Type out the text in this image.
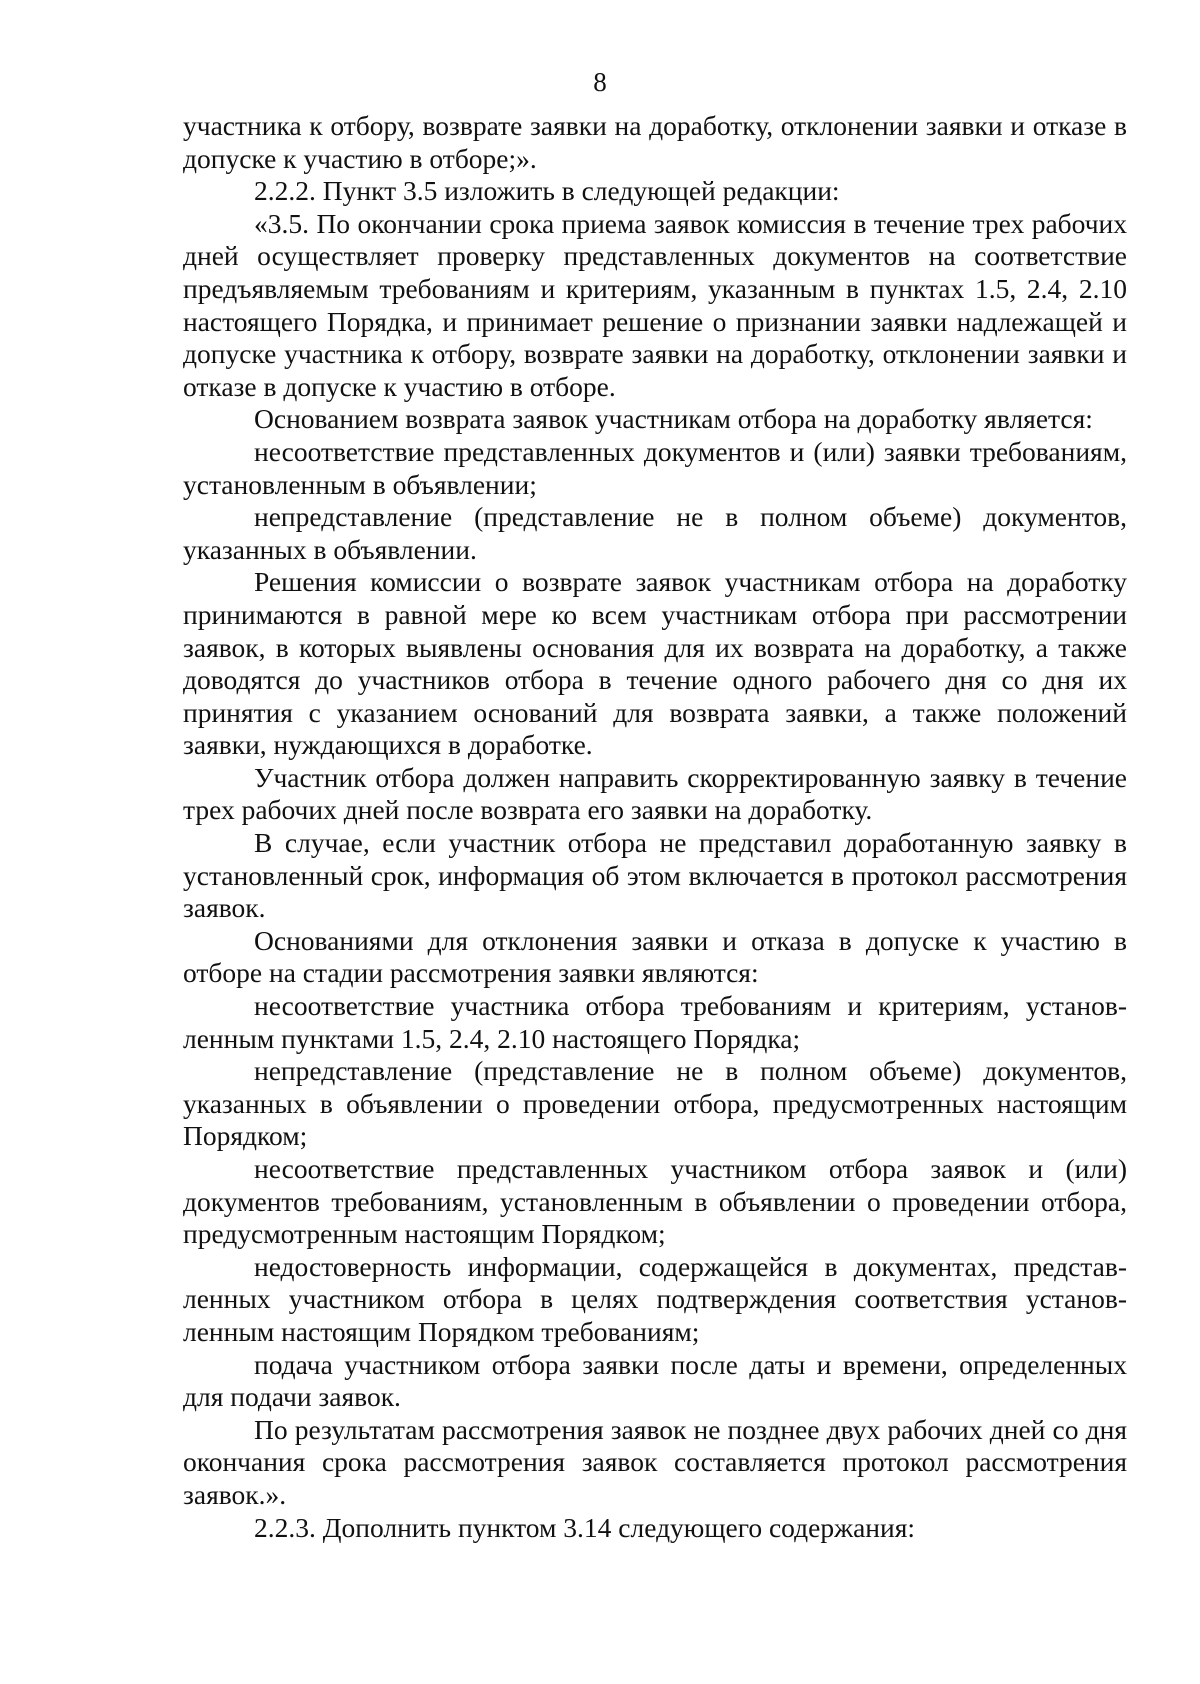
8

участника к отбору, возврате заявки на доработку, отклонении заявки и отказе в допуске к участию в отборе;».

2.2.2. Пункт 3.5 изложить в следующей редакции:

«3.5. По окончании срока приема заявок комиссия в течение трех рабочих дней осуществляет проверку представленных документов на соответствие предъявляемым требованиям и критериям, указанным в пунктах 1.5, 2.4, 2.10 настоящего Порядка, и принимает решение о признании заявки надлежащей и допуске участника к отбору, возврате заявки на доработку, отклонении заявки и отказе в допуске к участию в отборе.

Основанием возврата заявок участникам отбора на доработку является:

несоответствие представленных документов и (или) заявки требованиям, установленным в объявлении;

непредставление (представление не в полном объеме) документов, указанных в объявлении.

Решения комиссии о возврате заявок участникам отбора на доработку принимаются в равной мере ко всем участникам отбора при рассмотрении заявок, в которых выявлены основания для их возврата на доработку, а также доводятся до участников отбора в течение одного рабочего дня со дня их принятия с указанием оснований для возврата заявки, а также положений заявки, нуждающихся в доработке.

Участник отбора должен направить скорректированную заявку в течение трех рабочих дней после возврата его заявки на доработку.

В случае, если участник отбора не представил доработанную заявку в установленный срок, информация об этом включается в протокол рассмотрения заявок.

Основаниями для отклонения заявки и отказа в допуске к участию в отборе на стадии рассмотрения заявки являются:

несоответствие участника отбора требованиям и критериям, установленным пунктами 1.5, 2.4, 2.10 настоящего Порядка;

непредставление (представление не в полном объеме) документов, указанных в объявлении о проведении отбора, предусмотренных настоящим Порядком;

несоответствие представленных участником отбора заявок и (или) документов требованиям, установленным в объявлении о проведении отбора, предусмотренным настоящим Порядком;

недостоверность информации, содержащейся в документах, представленных участником отбора в целях подтверждения соответствия установленным настоящим Порядком требованиям;

подача участником отбора заявки после даты и времени, определенных для подачи заявок.

По результатам рассмотрения заявок не позднее двух рабочих дней со дня окончания срока рассмотрения заявок составляется протокол рассмотрения заявок.».

2.2.3. Дополнить пунктом 3.14 следующего содержания:
